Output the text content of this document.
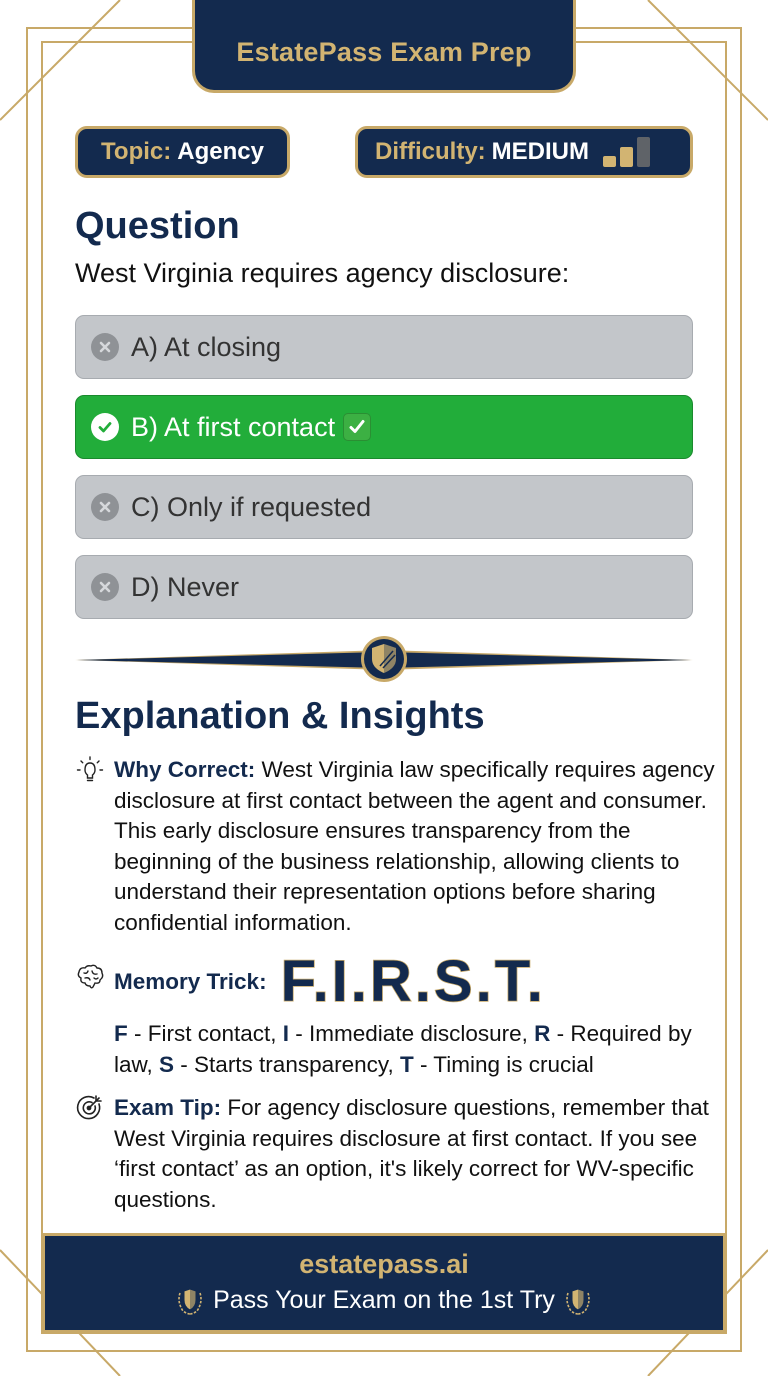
EstatePass Exam Prep
Topic: Agency	Difficulty: MEDIUM
Question
West Virginia requires agency disclosure:
A) At closing
B) At first contact
C) Only if requested
D) Never
Explanation & Insights
Why Correct: West Virginia law specifically requires agency disclosure at first contact between the agent and consumer. This early disclosure ensures transparency from the beginning of the business relationship, allowing clients to understand their representation options before sharing confidential information.
Memory Trick: F.I.R.S.T.
F - First contact, I - Immediate disclosure, R - Required by law, S - Starts transparency, T - Timing is crucial
Exam Tip: For agency disclosure questions, remember that West Virginia requires disclosure at first contact. If you see ‘first contact’ as an option, it's likely correct for WV-specific questions.
estatepass.ai
Pass Your Exam on the 1st Try
